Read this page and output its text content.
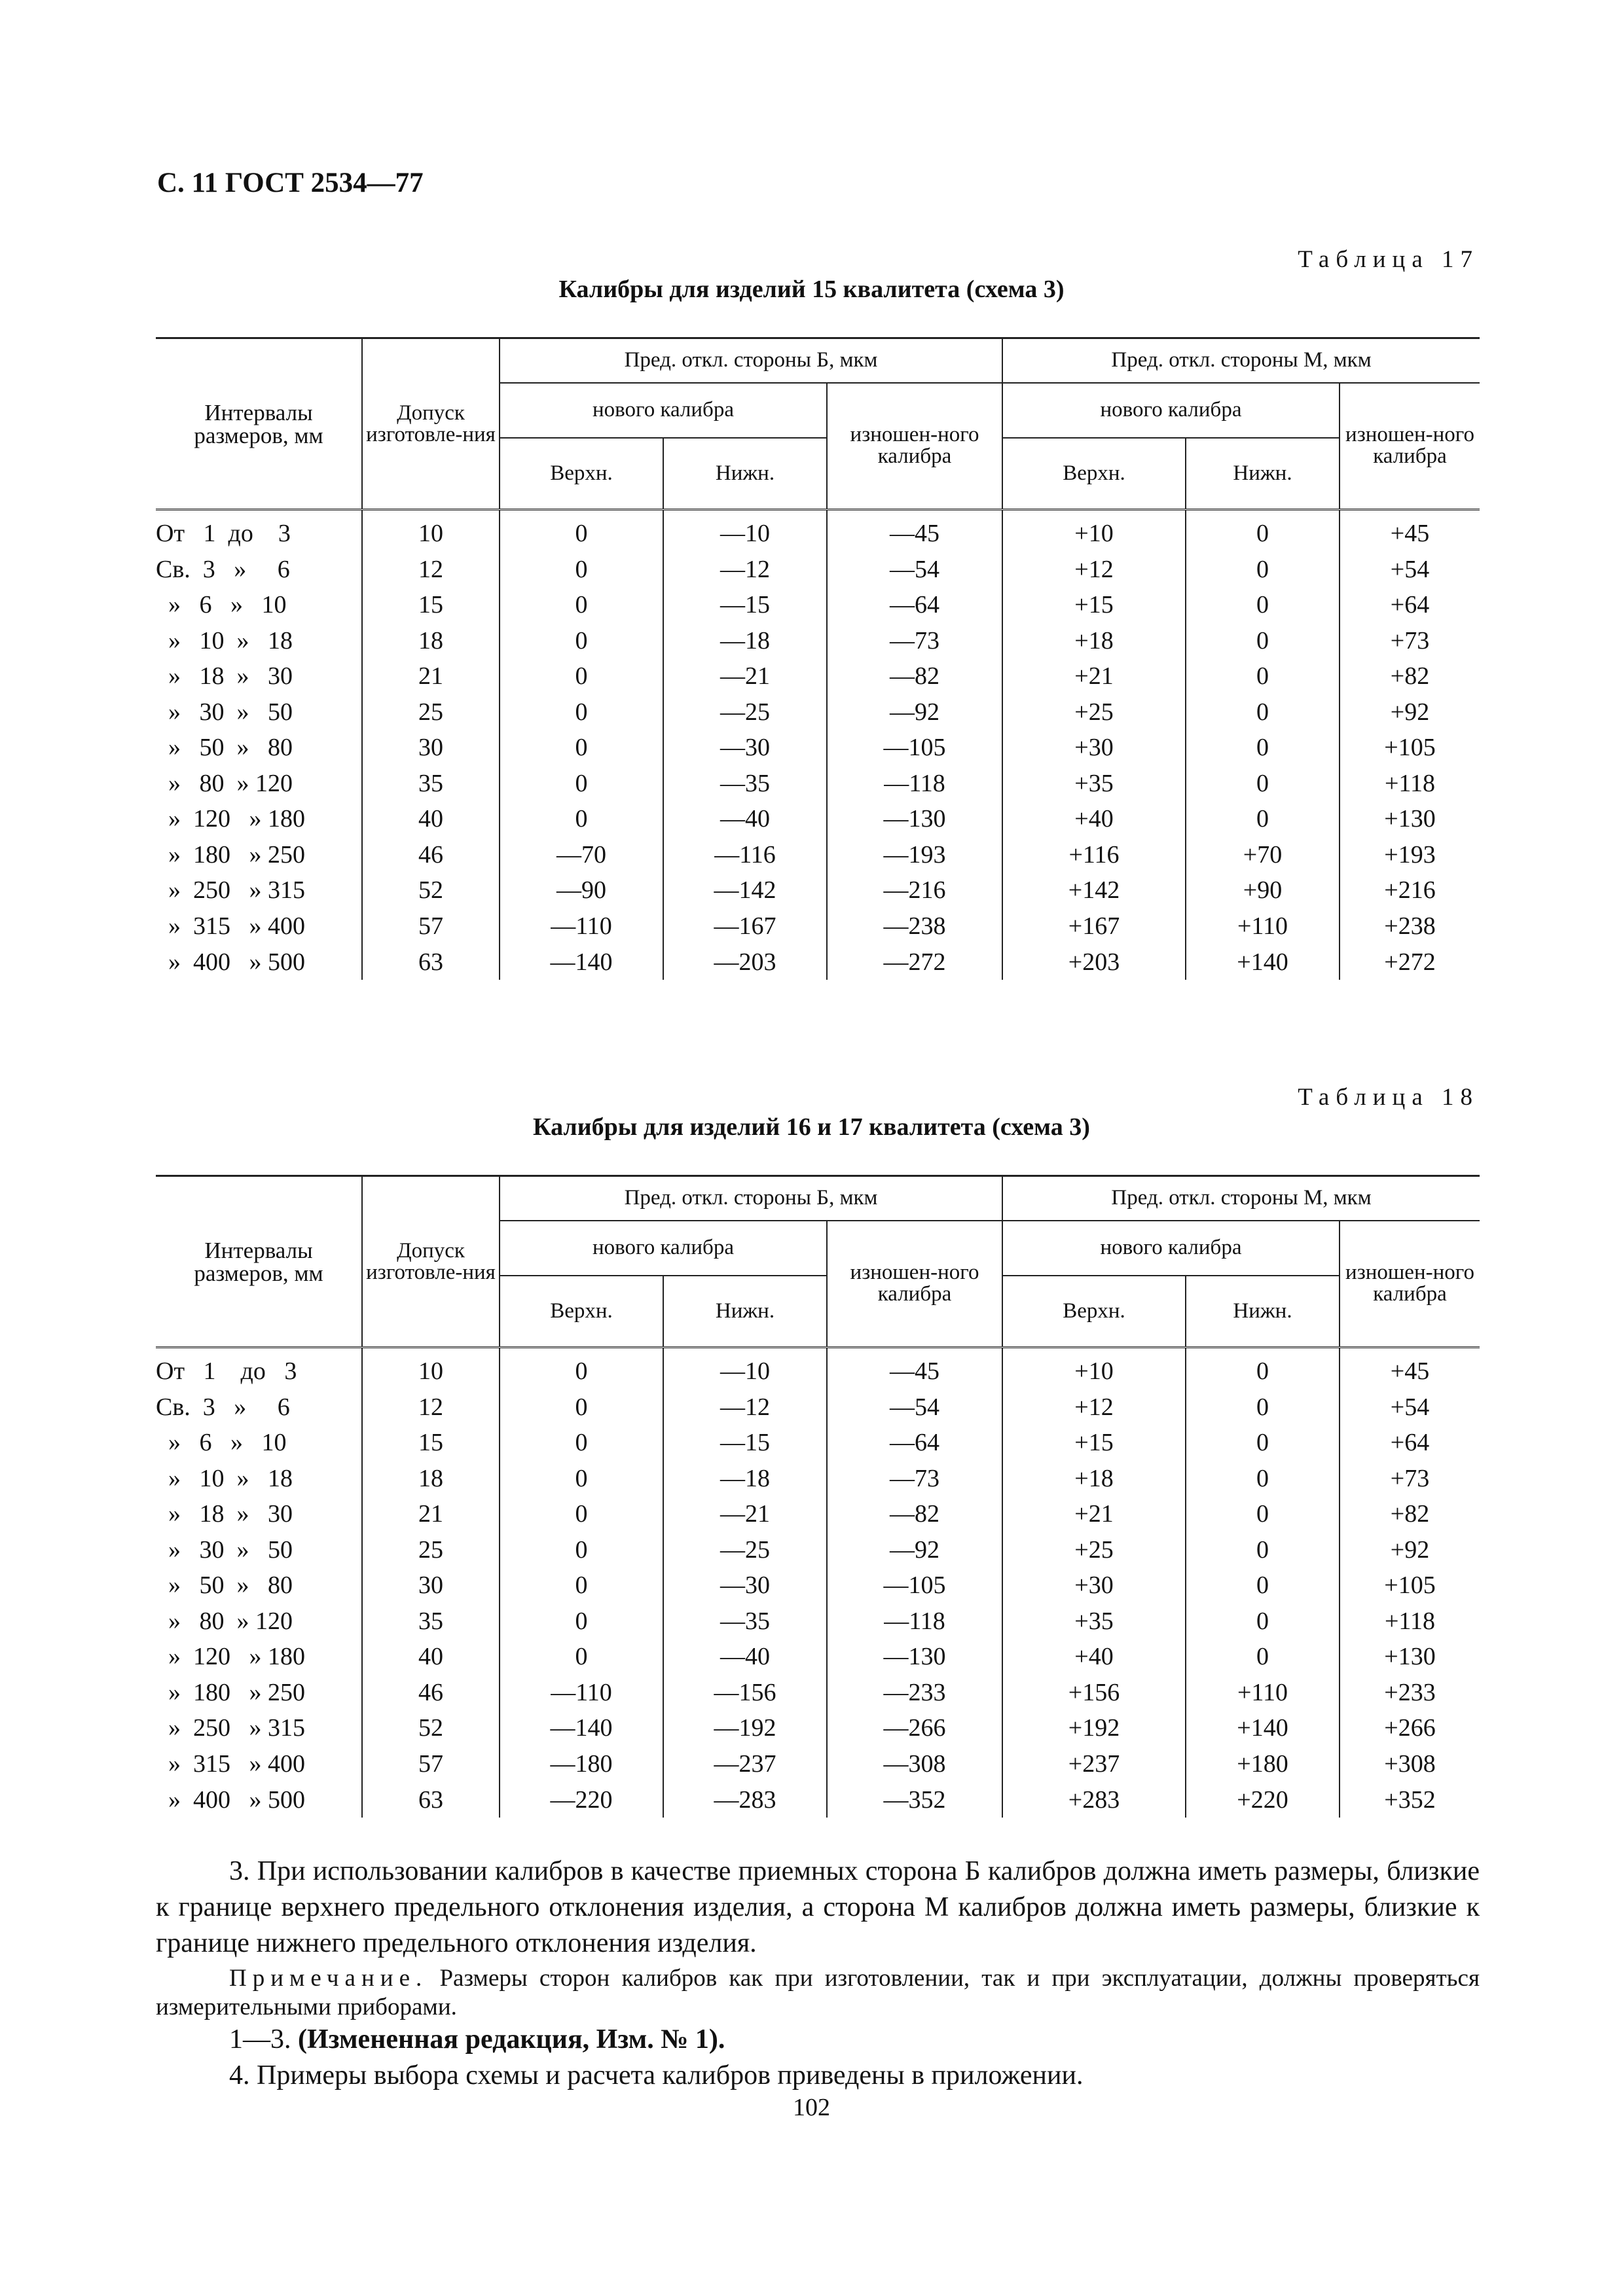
С. 11 ГОСТ 2534—77
Таблица 17
Калибры для изделий 15 квалитета (схема 3)
Интервалы размеров, мм	Допуск изготовле-ния	Пред. откл. стороны Б, мкм			Пред. откл. стороны М, мкм		
		нового калибра		изношен-ного калибра	нового калибра		изношен-ного калибра
		Верхн.	Нижн.		Верхн.	Нижн.	

От   1  до    3	10	0	—10	—45	+10	0	+45
Св.  3   »     6	12	0	—12	—54	+12	0	+54
»   6   »   10	15	0	—15	—64	+15	0	+64
»   10  »   18	18	0	—18	—73	+18	0	+73
»   18  »   30	21	0	—21	—82	+21	0	+82
»   30  »   50	25	0	—25	—92	+25	0	+92
»   50  »   80	30	0	—30	—105	+30	0	+105
»   80  » 120	35	0	—35	—118	+35	0	+118
»  120   » 180	40	0	—40	—130	+40	0	+130
»  180   » 250	46	—70	—116	—193	+116	+70	+193
»  250   » 315	52	—90	—142	—216	+142	+90	+216
»  315   » 400	57	—110	—167	—238	+167	+110	+238
»  400   » 500	63	—140	—203	—272	+203	+140	+272
Таблица 18
Калибры для изделий 16 и 17 квалитета (схема 3)
Интервалы размеров, мм	Допуск изготовле-ния	Пред. откл. стороны Б, мкм			Пред. откл. стороны М, мкм		
		нового калибра		изношен-ного калибра	нового калибра		изношен-ного калибра
		Верхн.	Нижн.		Верхн.	Нижн.	

От   1    до   3	10	0	—10	—45	+10	0	+45
Св.  3   »     6	12	0	—12	—54	+12	0	+54
»   6   »   10	15	0	—15	—64	+15	0	+64
»   10  »   18	18	0	—18	—73	+18	0	+73
»   18  »   30	21	0	—21	—82	+21	0	+82
»   30  »   50	25	0	—25	—92	+25	0	+92
»   50  »   80	30	0	—30	—105	+30	0	+105
»   80  » 120	35	0	—35	—118	+35	0	+118
»  120   » 180	40	0	—40	—130	+40	0	+130
»  180   » 250	46	—110	—156	—233	+156	+110	+233
»  250   » 315	52	—140	—192	—266	+192	+140	+266
»  315   » 400	57	—180	—237	—308	+237	+180	+308
»  400   » 500	63	—220	—283	—352	+283	+220	+352

3. При использовании калибров в качестве приемных сторона Б калибров должна иметь размеры, близкие к границе верхнего предельного отклонения изделия, а сторона М калибров должна иметь размеры, близкие к границе нижнего предельного отклонения изделия.

Примечание. Размеры сторон калибров как при изготовлении, так и при эксплуатации, должны проверяться измерительными приборами.

1—3. (Измененная редакция, Изм. № 1).

4. Примеры выбора схемы и расчета калибров приведены в приложении.

102
